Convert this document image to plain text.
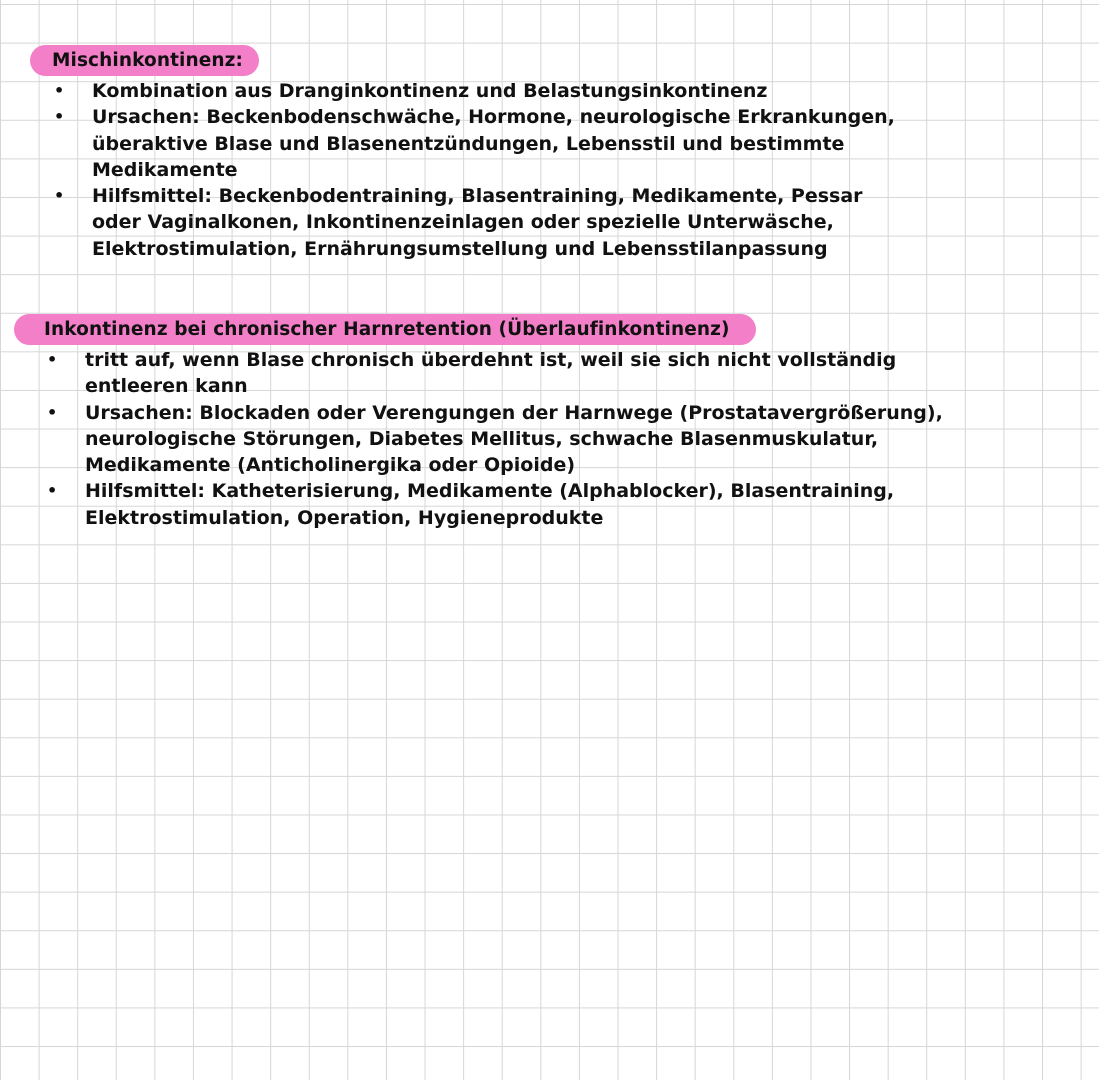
Mischinkontinenz:
• Kombination aus Dranginkontinenz und Belastungsinkontinenz
• Ursachen: Beckenbodenschwäche, Hormone, neurologische Erkrankungen,
überaktive Blase und Blasenentzündungen, Lebensstil und bestimmte
Medikamente
• Hilfsmittel: Beckenbodentraining, Blasentraining, Medikamente, Pessar
oder Vaginalkonen, Inkontinenzeinlagen oder spezielle Unterwäsche,
Elektrostimulation, Ernährungsumstellung und Lebensstilanpassung
Inkontinenz bei chronischer Harnretention (Überlaufinkontinenz)
• tritt auf, wenn Blase chronisch überdehnt ist, weil sie sich nicht vollständig
entleeren kann
• Ursachen: Blockaden oder Verengungen der Harnwege (Prostatavergrößerung),
neurologische Störungen, Diabetes Mellitus, schwache Blasenmuskulatur,
Medikamente (Anticholinergika oder Opioide)
• Hilfsmittel: Katheterisierung, Medikamente (Alphablocker), Blasentraining,
Elektrostimulation, Operation, Hygieneprodukte
